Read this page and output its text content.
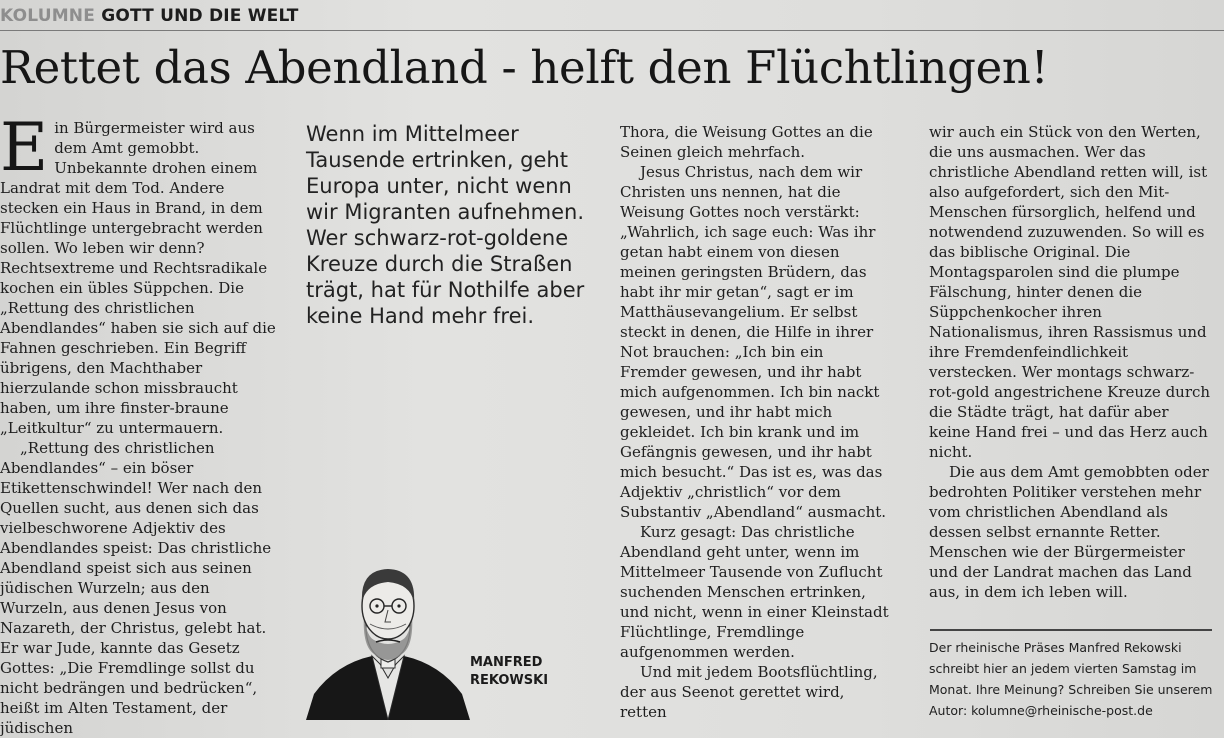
KOLUMNE GOTT UND DIE WELT
Rettet das Abendland - helft den Flüchtlingen!
E in Bürgermeister wird aus dem Amt gemobbt. Unbekannte drohen einem Landrat mit dem Tod. Andere stecken ein Haus in Brand, in dem Flüchtlinge untergebracht werden sollen. Wo leben wir denn? Rechtsextreme und Rechtsradikale kochen ein übles Süppchen. Die „Rettung des christlichen Abendlandes“ haben sie sich auf die Fahnen geschrieben. Ein Begriff übrigens, den Machthaber hierzulande schon missbraucht haben, um ihre finster-braune „Leitkultur“ zu untermauern.

„Rettung des christlichen Abendlandes“ – ein böser Etikettenschwindel! Wer nach den Quellen sucht, aus denen sich das vielbeschworene Adjektiv des Abendlandes speist: Das christliche Abendland speist sich aus seinen jüdischen Wurzeln; aus den Wurzeln, aus denen Jesus von Nazareth, der Christus, gelebt hat. Er war Jude, kannte das Gesetz Gottes: „Die Fremdlinge sollst du nicht bedrängen und bedrücken“, heißt im Alten Testament, der jüdischen

Wenn im Mittelmeer Tausende ertrinken, geht Europa unter, nicht wenn wir Migranten aufnehmen. Wer schwarz-rot-goldene Kreuze durch die Straßen trägt, hat für Nothilfe aber keine Hand mehr frei.

MANFRED
REKOWSKI

Thora, die Weisung Gottes an die Seinen gleich mehrfach.

Jesus Christus, nach dem wir Christen uns nennen, hat die Weisung Gottes noch verstärkt: „Wahrlich, ich sage euch: Was ihr getan habt einem von diesen meinen geringsten Brüdern, das habt ihr mir getan“, sagt er im Matthäusevangelium. Er selbst steckt in denen, die Hilfe in ihrer Not brauchen: „Ich bin ein Fremder gewesen, und ihr habt mich aufgenommen. Ich bin nackt gewesen, und ihr habt mich gekleidet. Ich bin krank und im Gefängnis gewesen, und ihr habt mich besucht.“ Das ist es, was das Adjektiv „christlich“ vor dem Substantiv „Abendland“ ausmacht.

Kurz gesagt: Das christliche Abendland geht unter, wenn im Mittelmeer Tausende von Zuflucht suchenden Menschen ertrinken, und nicht, wenn in einer Kleinstadt Flüchtlinge, Fremdlinge aufgenommen werden.

Und mit jedem Bootsflüchtling, der aus Seenot gerettet wird, retten

wir auch ein Stück von den Werten, die uns ausmachen. Wer das christliche Abendland retten will, ist also aufgefordert, sich den Mit-Menschen fürsorglich, helfend und notwendend zuzuwenden. So will es das biblische Original. Die Montagsparolen sind die plumpe Fälschung, hinter denen die Süppchenkocher ihren Nationalismus, ihren Rassismus und ihre Fremdenfeindlichkeit verstecken. Wer montags schwarz-rot-gold angestrichene Kreuze durch die Städte trägt, hat dafür aber keine Hand frei – und das Herz auch nicht.

Die aus dem Amt gemobbten oder bedrohten Politiker verstehen mehr vom christlichen Abendland als dessen selbst ernannte Retter. Menschen wie der Bürgermeister und der Landrat machen das Land aus, in dem ich leben will.

Der rheinische Präses Manfred Rekowski schreibt hier an jedem vierten Samstag im Monat. Ihre Meinung? Schreiben Sie unserem Autor: kolumne@rheinische-post.de
